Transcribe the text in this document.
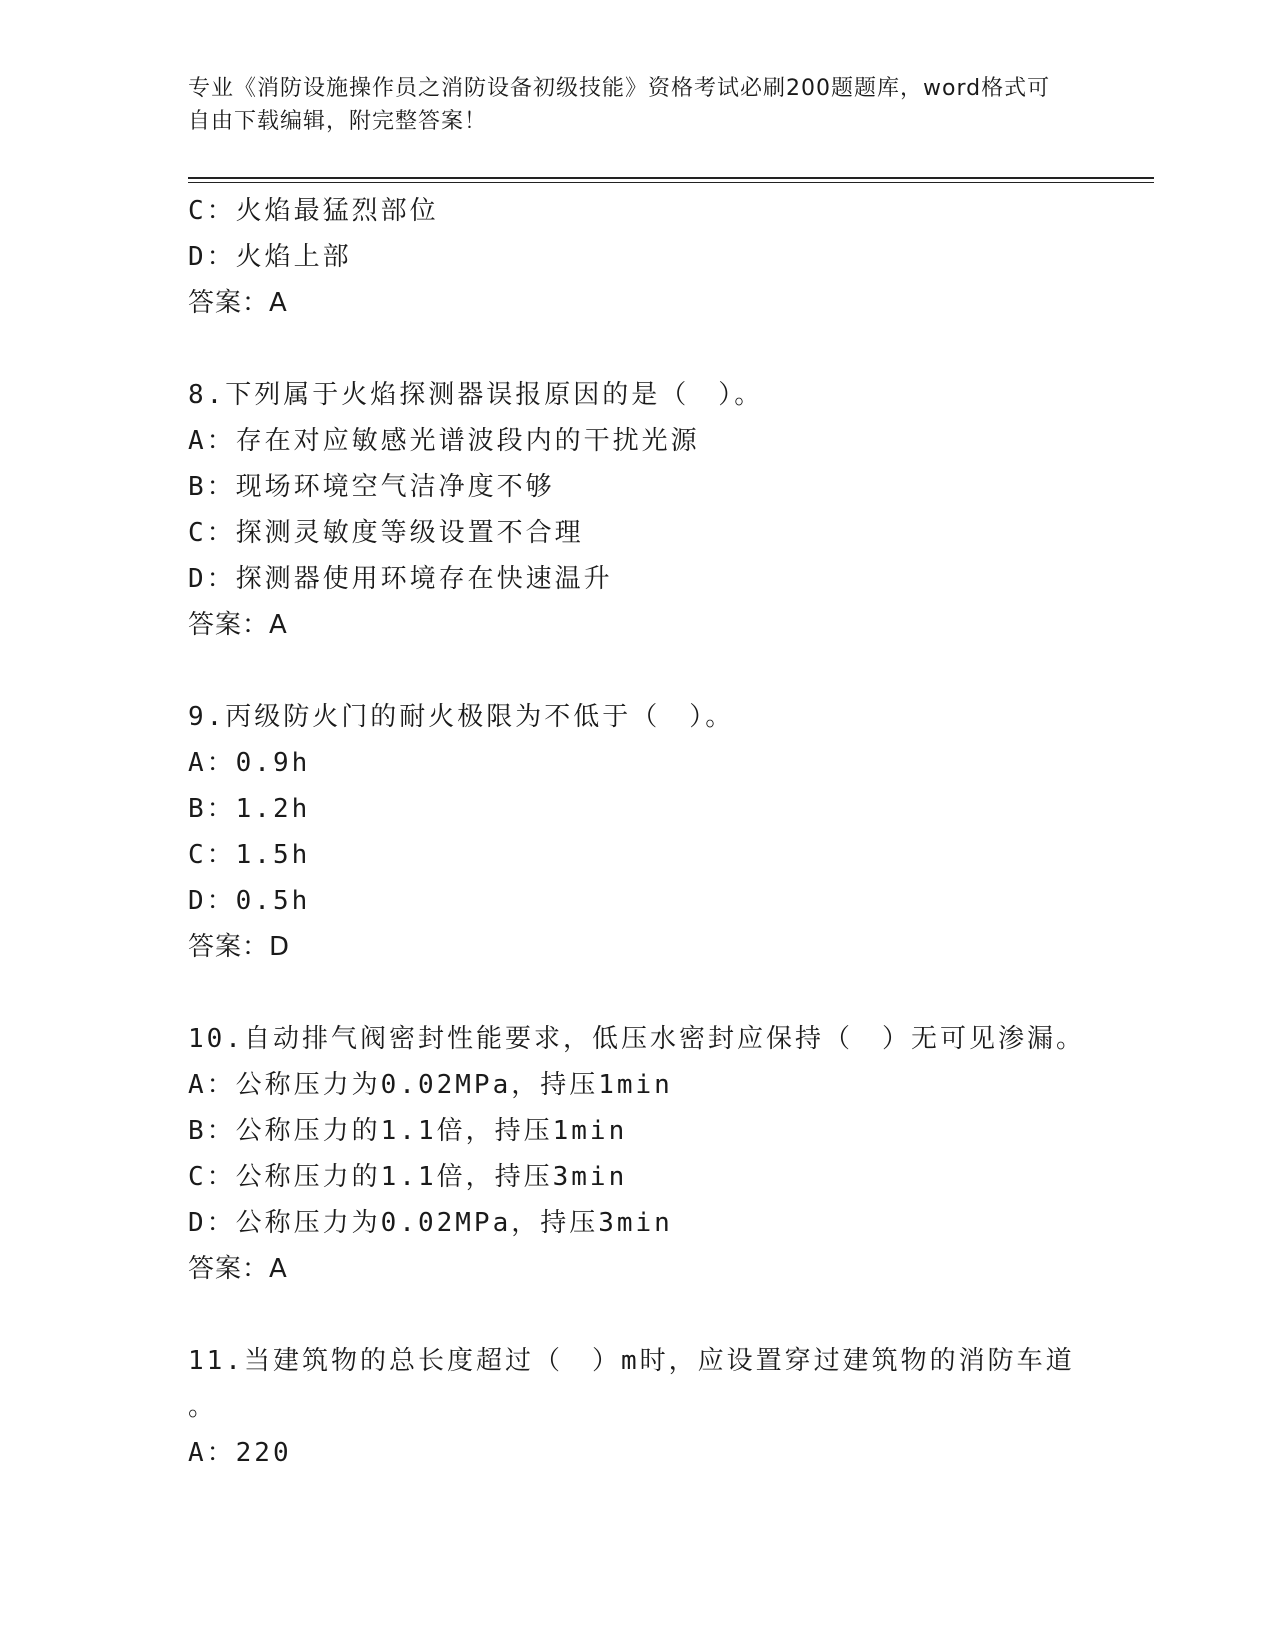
专业《消防设施操作员之消防设备初级技能》资格考试必刷200题题库，word格式可自由下载编辑，附完整答案！
C：火焰最猛烈部位
D：火焰上部
答案：A
8.下列属于火焰探测器误报原因的是（　）。
A：存在对应敏感光谱波段内的干扰光源
B：现场环境空气洁净度不够
C：探测灵敏度等级设置不合理
D：探测器使用环境存在快速温升
答案：A
9.丙级防火门的耐火极限为不低于（　）。
A：0.9h
B：1.2h
C：1.5h
D：0.5h
答案：D
10.自动排气阀密封性能要求，低压水密封应保持（　）无可见渗漏。
A：公称压力为0.02MPa，持压1min
B：公称压力的1.1倍，持压1min
C：公称压力的1.1倍，持压3min
D：公称压力为0.02MPa，持压3min
答案：A
11.当建筑物的总长度超过（　）m时，应设置穿过建筑物的消防车道
。
A：220
